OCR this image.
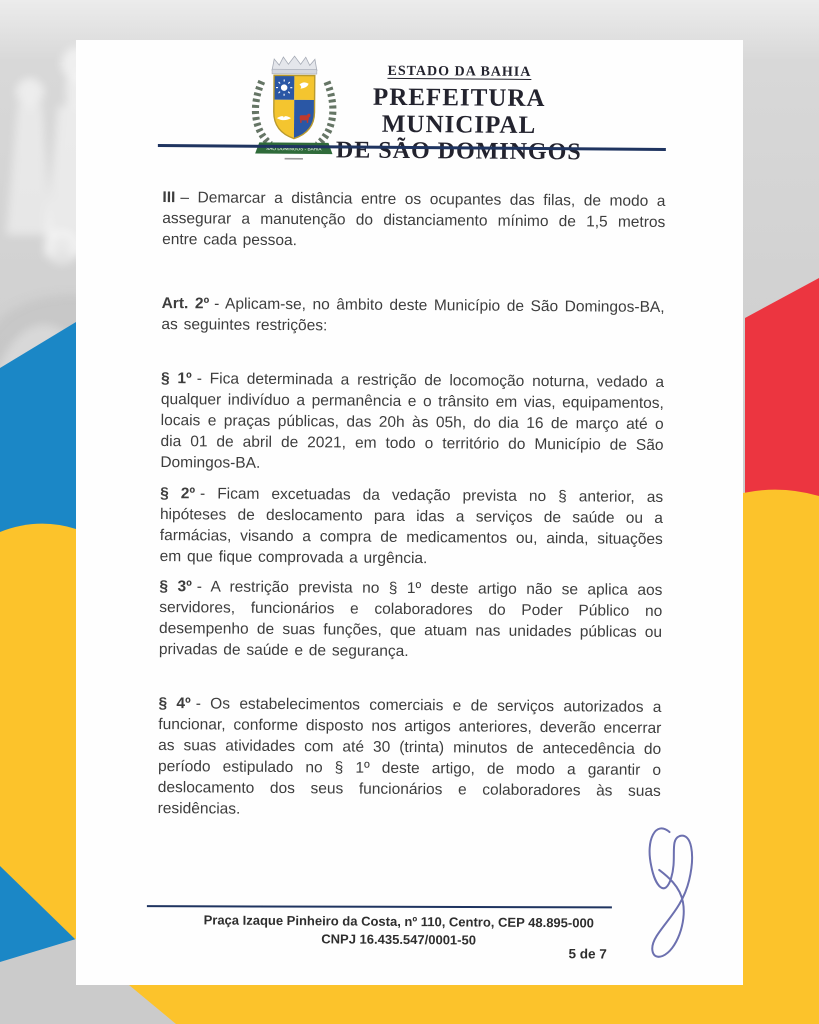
SÃO DOMINGOS - BAHIA
ESTADO DA BAHIA
PREFEITURA MUNICIPAL
DE SÃO DOMINGOS

III – Demarcar a distância entre os ocupantes das filas, de modo a assegurar a manutenção do distanciamento mínimo de 1,5 metros entre cada pessoa.

Art. 2º - Aplicam-se, no âmbito deste Município de São Domingos-BA, as seguintes restrições:

§ 1º - Fica determinada a restrição de locomoção noturna, vedado a qualquer indivíduo a permanência e o trânsito em vias, equipamentos, locais e praças públicas, das 20h às 05h, do dia 16 de março até o dia 01 de abril de 2021, em todo o território do Município de São Domingos-BA.

§ 2º - Ficam excetuadas da vedação prevista no § anterior, as hipóteses de deslocamento para idas a serviços de saúde ou a farmácias, visando a compra de medicamentos ou, ainda, situações em que fique comprovada a urgência.

§ 3º - A restrição prevista no § 1º deste artigo não se aplica aos servidores, funcionários e colaboradores do Poder Público no desempenho de suas funções, que atuam nas unidades públicas ou privadas de saúde e de segurança.

§ 4º - Os estabelecimentos comerciais e de serviços autorizados a funcionar, conforme disposto nos artigos anteriores, deverão encerrar as suas atividades com até 30 (trinta) minutos de antecedência do período estipulado no § 1º deste artigo, de modo a garantir o deslocamento dos seus funcionários e colaboradores às suas residências.

Praça Izaque Pinheiro da Costa, nº 110, Centro, CEP 48.895-000
CNPJ 16.435.547/0001-50
5 de 7
